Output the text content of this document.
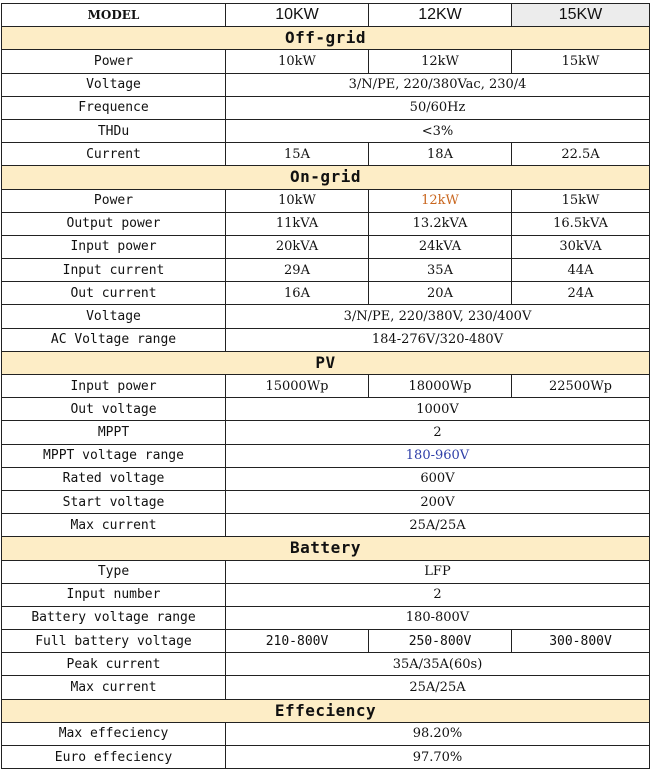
MODEL	10KW	12KW	15KW
Off-grid			
Power	10kW	12kW	15kW
Voltage	3/N/PE, 220/380Vac, 230/4		
Frequence	50/60Hz		
THDu	<3%		
Current	15A	18A	22.5A
On-grid			
Power	10kW	12kW	15kW
Output power	11kVA	13.2kVA	16.5kVA
Input power	20kVA	24kVA	30kVA
Input current	29A	35A	44A
Out current	16A	20A	24A
Voltage	3/N/PE, 220/380V, 230/400V		
AC Voltage range	184-276V/320-480V		
PV			
Input power	15000Wp	18000Wp	22500Wp
Out voltage	1000V		
MPPT	2		
MPPT voltage range	180-960V		
Rated voltage	600V		
Start voltage	200V		
Max current	25A/25A		
Battery			
Type	LFP		
Input number	2		
Battery voltage range	180-800V		
Full battery voltage	210-800V	250-800V	300-800V
Peak current	35A/35A(60s)		
Max current	25A/25A		
Effeciency			
Max effeciency	98.20%		
Euro effeciency	97.70%		
